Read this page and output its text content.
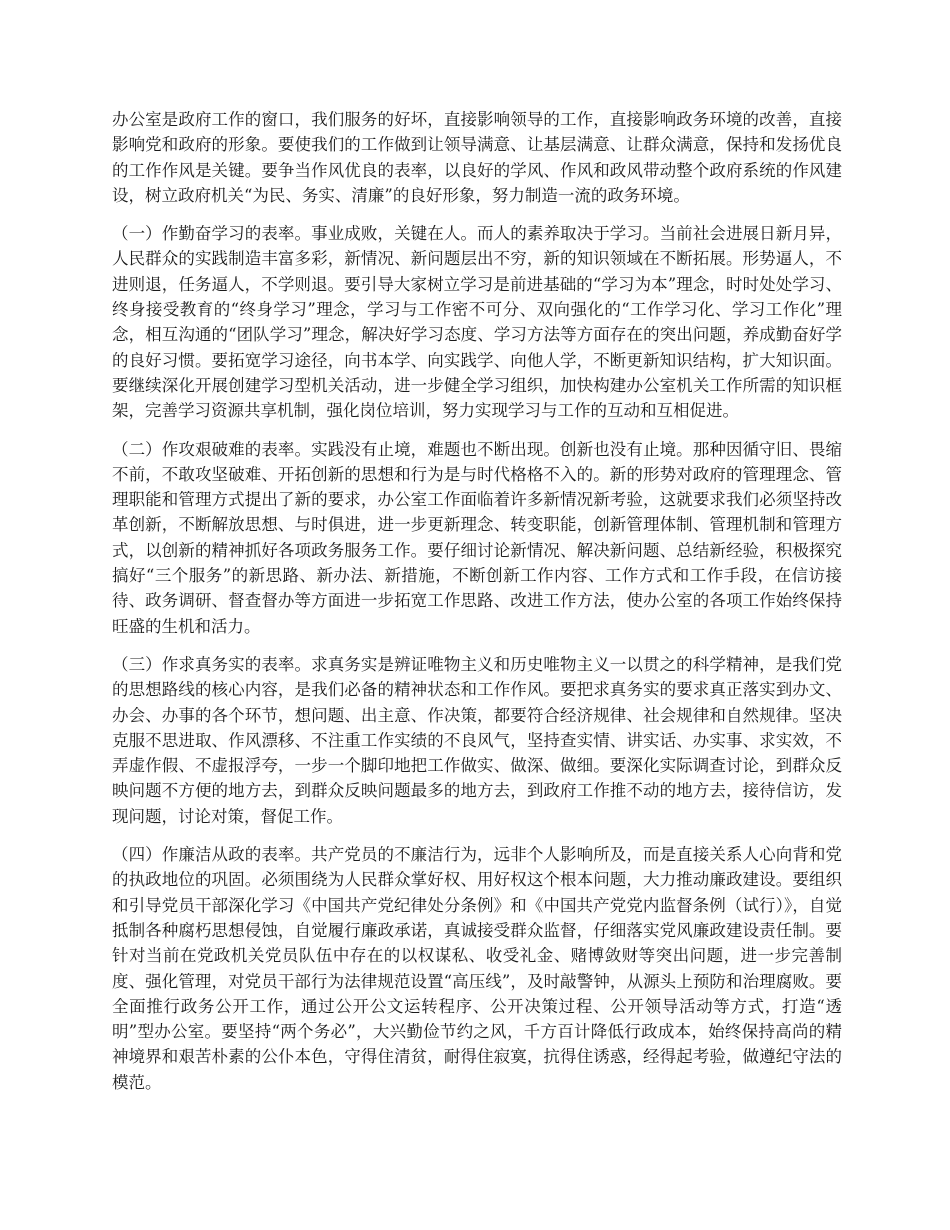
办公室是政府工作的窗口，我们服务的好坏，直接影响领导的工作，直接影响政务环境的改善，直接影响党和政府的形象。要使我们的工作做到让领导满意、让基层满意、让群众满意，保持和发扬优良的工作作风是关键。要争当作风优良的表率，以良好的学风、作风和政风带动整个政府系统的作风建设，树立政府机关“为民、务实、清廉”的良好形象，努力制造一流的政务环境。

（一）作勤奋学习的表率。事业成败，关键在人。而人的素养取决于学习。当前社会进展日新月异，人民群众的实践制造丰富多彩，新情况、新问题层出不穷，新的知识领域在不断拓展。形势逼人，不进则退，任务逼人，不学则退。要引导大家树立学习是前进基础的“学习为本”理念，时时处处学习、终身接受教育的“终身学习”理念，学习与工作密不可分、双向强化的“工作学习化、学习工作化”理念，相互沟通的“团队学习”理念，解决好学习态度、学习方法等方面存在的突出问题，养成勤奋好学的良好习惯。要拓宽学习途径，向书本学、向实践学、向他人学，不断更新知识结构，扩大知识面。要继续深化开展创建学习型机关活动，进一步健全学习组织，加快构建办公室机关工作所需的知识框架，完善学习资源共享机制，强化岗位培训，努力实现学习与工作的互动和互相促进。

（二）作攻艰破难的表率。实践没有止境，难题也不断出现。创新也没有止境。那种因循守旧、畏缩不前，不敢攻坚破难、开拓创新的思想和行为是与时代格格不入的。新的形势对政府的管理理念、管理职能和管理方式提出了新的要求，办公室工作面临着许多新情况新考验，这就要求我们必须坚持改革创新，不断解放思想、与时俱进，进一步更新理念、转变职能，创新管理体制、管理机制和管理方式，以创新的精神抓好各项政务服务工作。要仔细讨论新情况、解决新问题、总结新经验，积极探究搞好“三个服务”的新思路、新办法、新措施，不断创新工作内容、工作方式和工作手段，在信访接待、政务调研、督查督办等方面进一步拓宽工作思路、改进工作方法，使办公室的各项工作始终保持旺盛的生机和活力。

（三）作求真务实的表率。求真务实是辨证唯物主义和历史唯物主义一以贯之的科学精神，是我们党的思想路线的核心内容，是我们必备的精神状态和工作作风。要把求真务实的要求真正落实到办文、办会、办事的各个环节，想问题、出主意、作决策，都要符合经济规律、社会规律和自然规律。坚决克服不思进取、作风漂移、不注重工作实绩的不良风气，坚持查实情、讲实话、办实事、求实效，不弄虚作假、不虚报浮夸，一步一个脚印地把工作做实、做深、做细。要深化实际调查讨论，到群众反映问题不方便的地方去，到群众反映问题最多的地方去，到政府工作推不动的地方去，接待信访，发现问题，讨论对策，督促工作。

（四）作廉洁从政的表率。共产党员的不廉洁行为，远非个人影响所及，而是直接关系人心向背和党的执政地位的巩固。必须围绕为人民群众掌好权、用好权这个根本问题，大力推动廉政建设。要组织和引导党员干部深化学习《中国共产党纪律处分条例》和《中国共产党党内监督条例（试行）》，自觉抵制各种腐朽思想侵蚀，自觉履行廉政承诺，真诚接受群众监督，仔细落实党风廉政建设责任制。要针对当前在党政机关党员队伍中存在的以权谋私、收受礼金、赌博敛财等突出问题，进一步完善制度、强化管理，对党员干部行为法律规范设置“高压线”，及时敲警钟，从源头上预防和治理腐败。要全面推行政务公开工作，通过公开公文运转程序、公开决策过程、公开领导活动等方式，打造“透明”型办公室。要坚持“两个务必”，大兴勤俭节约之风，千方百计降低行政成本，始终保持高尚的精神境界和艰苦朴素的公仆本色，守得住清贫，耐得住寂寞，抗得住诱惑，经得起考验，做遵纪守法的模范。
